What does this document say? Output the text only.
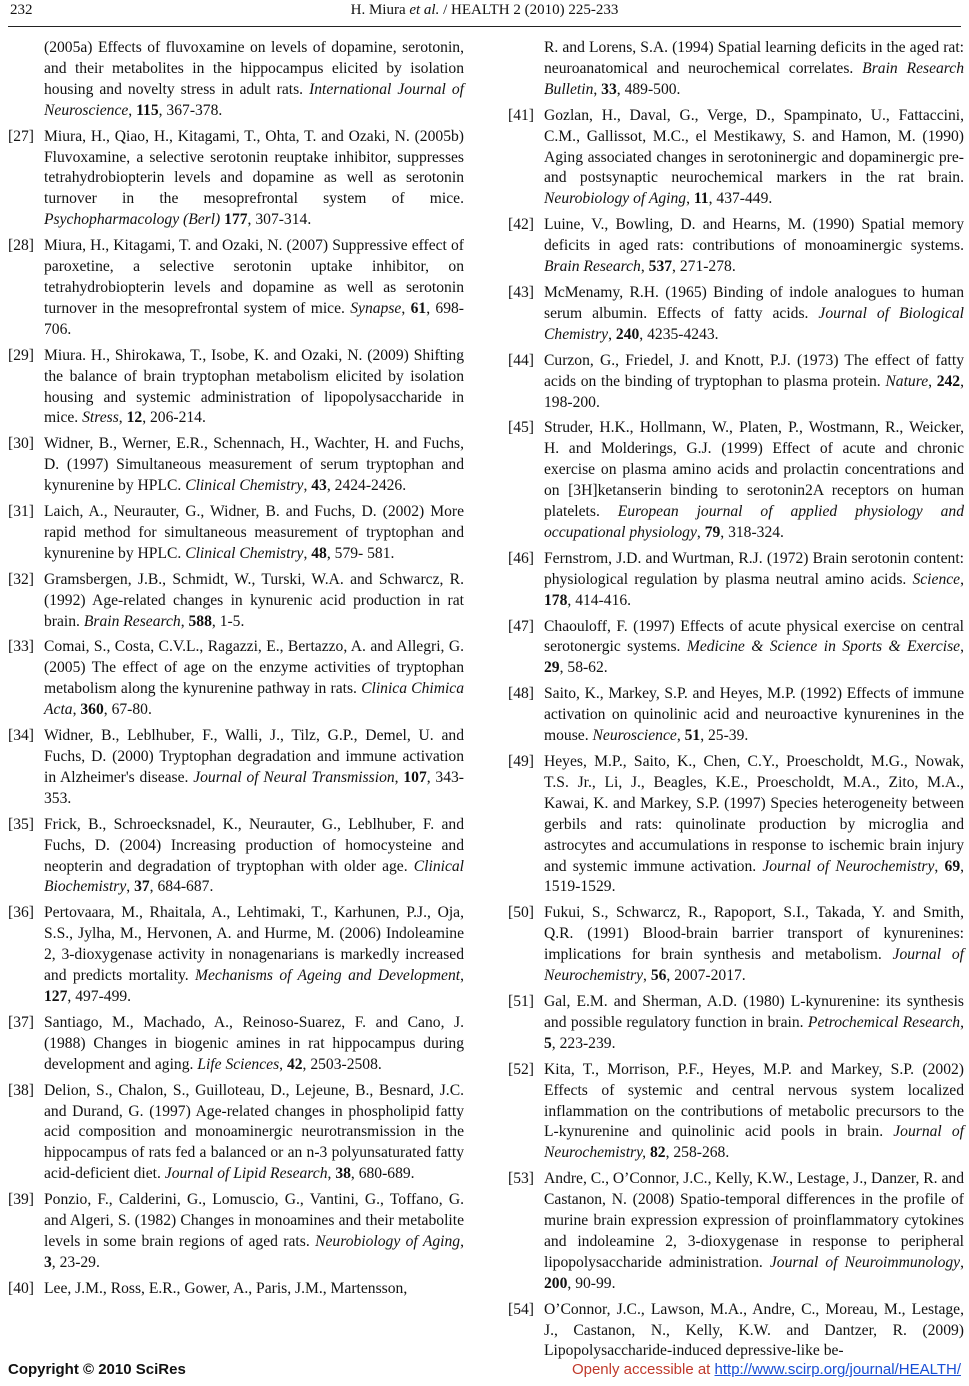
232	H. Miura et al. / HEALTH 2 (2010) 225-233

(2005a) Effects of fluvoxamine on levels of dopamine, serotonin, and their metabolites in the hippocampus elicited by isolation housing and novelty stress in adult rats. International Journal of Neuroscience, 115, 367-378.

[27] Miura, H., Qiao, H., Kitagami, T., Ohta, T. and Ozaki, N. (2005b) Fluvoxamine, a selective serotonin reuptake inhibitor, suppresses tetrahydrobiopterin levels and dopamine as well as serotonin turnover in the mesoprefrontal system of mice. Psychopharmacology (Berl) 177, 307-314.

[28] Miura, H., Kitagami, T. and Ozaki, N. (2007) Suppressive effect of paroxetine, a selective serotonin uptake inhibitor, on tetrahydrobiopterin levels and dopamine as well as serotonin turnover in the mesoprefrontal system of mice. Synapse, 61, 698-706.

[29] Miura. H., Shirokawa, T., Isobe, K. and Ozaki, N. (2009) Shifting the balance of brain tryptophan metabolism elicited by isolation housing and systemic administration of lipopolysaccharide in mice. Stress, 12, 206-214.

[30] Widner, B., Werner, E.R., Schennach, H., Wachter, H. and Fuchs, D. (1997) Simultaneous measurement of serum tryptophan and kynurenine by HPLC. Clinical Chemistry, 43, 2424-2426.

[31] Laich, A., Neurauter, G., Widner, B. and Fuchs, D. (2002) More rapid method for simultaneous measurement of tryptophan and kynurenine by HPLC. Clinical Chemistry, 48, 579- 581.

[32] Gramsbergen, J.B., Schmidt, W., Turski, W.A. and Schwarcz, R. (1992) Age-related changes in kynurenic acid production in rat brain. Brain Research, 588, 1-5.

[33] Comai, S., Costa, C.V.L., Ragazzi, E., Bertazzo, A. and Allegri, G. (2005) The effect of age on the enzyme activities of tryptophan metabolism along the kynurenine pathway in rats. Clinica Chimica Acta, 360, 67-80.

[34] Widner, B., Leblhuber, F., Walli, J., Tilz, G.P., Demel, U. and Fuchs, D. (2000) Tryptophan degradation and immune activation in Alzheimer's disease. Journal of Neural Transmission, 107, 343-353.

[35] Frick, B., Schroecksnadel, K., Neurauter, G., Leblhuber, F. and Fuchs, D. (2004) Increasing production of homocysteine and neopterin and degradation of tryptophan with older age. Clinical Biochemistry, 37, 684-687.

[36] Pertovaara, M., Rhaitala, A., Lehtimaki, T., Karhunen, P.J., Oja, S.S., Jylha, M., Hervonen, A. and Hurme, M. (2006) Indoleamine 2, 3-dioxygenase activity in nonagenarians is markedly increased and predicts mortality. Mechanisms of Ageing and Development, 127, 497-499.

[37] Santiago, M., Machado, A., Reinoso-Suarez, F. and Cano, J. (1988) Changes in biogenic amines in rat hippocampus during development and aging. Life Sciences, 42, 2503-2508.

[38] Delion, S., Chalon, S., Guilloteau, D., Lejeune, B., Besnard, J.C. and Durand, G. (1997) Age-related changes in phospholipid fatty acid composition and monoaminergic neurotransmission in the hippocampus of rats fed a balanced or an n-3 polyunsaturated fatty acid-deficient diet. Journal of Lipid Research, 38, 680-689.

[39] Ponzio, F., Calderini, G., Lomuscio, G., Vantini, G., Toffano, G. and Algeri, S. (1982) Changes in monoamines and their metabolite levels in some brain regions of aged rats. Neurobiology of Aging, 3, 23-29.

[40] Lee, J.M., Ross, E.R., Gower, A., Paris, J.M., Martensson,

R. and Lorens, S.A. (1994) Spatial learning deficits in the aged rat: neuroanatomical and neurochemical correlates. Brain Research Bulletin, 33, 489-500.

[41] Gozlan, H., Daval, G., Verge, D., Spampinato, U., Fattaccini, C.M., Gallissot, M.C., el Mestikawy, S. and Hamon, M. (1990) Aging associated changes in serotoninergic and dopaminergic pre- and postsynaptic neurochemical markers in the rat brain. Neurobiology of Aging, 11, 437-449.

[42] Luine, V., Bowling, D. and Hearns, M. (1990) Spatial memory deficits in aged rats: contributions of monoaminergic systems. Brain Research, 537, 271-278.

[43] McMenamy, R.H. (1965) Binding of indole analogues to human serum albumin. Effects of fatty acids. Journal of Biological Chemistry, 240, 4235-4243.

[44] Curzon, G., Friedel, J. and Knott, P.J. (1973) The effect of fatty acids on the binding of tryptophan to plasma protein. Nature, 242, 198-200.

[45] Struder, H.K., Hollmann, W., Platen, P., Wostmann, R., Weicker, H. and Molderings, G.J. (1999) Effect of acute and chronic exercise on plasma amino acids and prolactin concentrations and on [3H]ketanserin binding to serotonin2A receptors on human platelets. European journal of applied physiology and occupational physiology, 79, 318-324.

[46] Fernstrom, J.D. and Wurtman, R.J. (1972) Brain serotonin content: physiological regulation by plasma neutral amino acids. Science, 178, 414-416.

[47] Chaouloff, F. (1997) Effects of acute physical exercise on central serotonergic systems. Medicine & Science in Sports & Exercise, 29, 58-62.

[48] Saito, K., Markey, S.P. and Heyes, M.P. (1992) Effects of immune activation on quinolinic acid and neuroactive kynurenines in the mouse. Neuroscience, 51, 25-39.

[49] Heyes, M.P., Saito, K., Chen, C.Y., Proescholdt, M.G., Nowak, T.S. Jr., Li, J., Beagles, K.E., Proescholdt, M.A., Zito, M.A., Kawai, K. and Markey, S.P. (1997) Species heterogeneity between gerbils and rats: quinolinate production by microglia and astrocytes and accumulations in response to ischemic brain injury and systemic immune activation. Journal of Neurochemistry, 69, 1519-1529.

[50] Fukui, S., Schwarcz, R., Rapoport, S.I., Takada, Y. and Smith, Q.R. (1991) Blood-brain barrier transport of kynurenines: implications for brain synthesis and metabolism. Journal of Neurochemistry, 56, 2007-2017.

[51] Gal, E.M. and Sherman, A.D. (1980) L-kynurenine: its synthesis and possible regulatory function in brain. Petrochemical Research, 5, 223-239.

[52] Kita, T., Morrison, P.F., Heyes, M.P. and Markey, S.P. (2002) Effects of systemic and central nervous system localized inflammation on the contributions of metabolic precursors to the L-kynurenine and quinolinic acid pools in brain. Journal of Neurochemistry, 82, 258-268.

[53] Andre, C., O’Connor, J.C., Kelly, K.W., Lestage, J., Danzer, R. and Castanon, N. (2008) Spatio-temporal differences in the profile of murine brain expression expression of proinflammatory cytokines and indoleamine 2, 3-dioxygenase in response to peripheral lipopolysaccharide administration. Journal of Neuroimmunology, 200, 90-99.

[54] O’Connor, J.C., Lawson, M.A., Andre, C., Moreau, M., Lestage, J., Castanon, N., Kelly, K.W. and Dantzer, R. (2009) Lipopolysaccharide-induced depressive-like be-

Copyright © 2010 SciRes	Openly accessible at http://www.scirp.org/journal/HEALTH/
